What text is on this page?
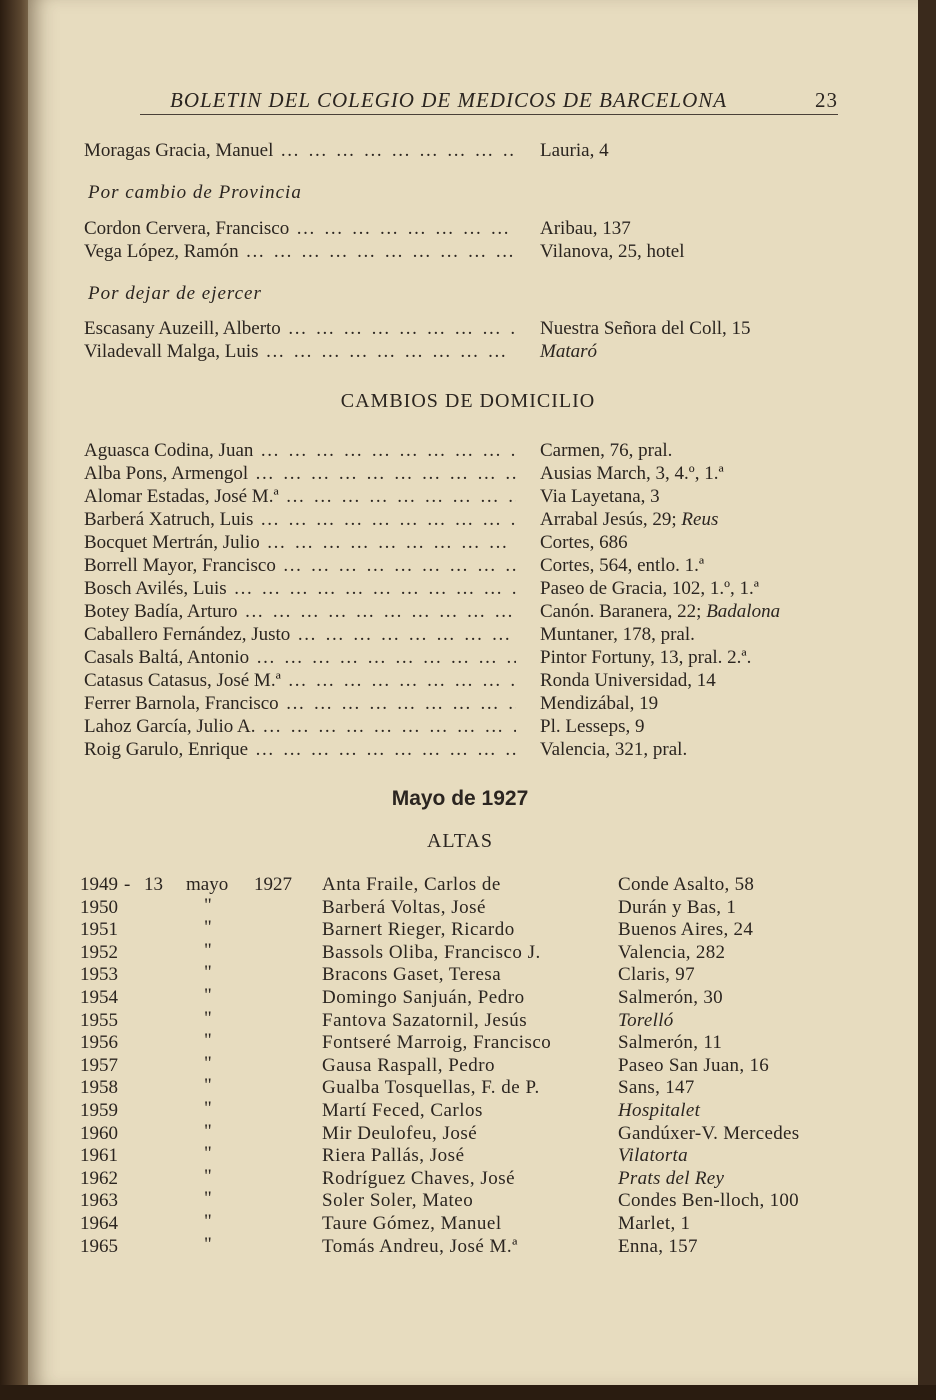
BOLETIN DEL COLEGIO DE MEDICOS DE BARCELONA	23
Moragas Gracia, Manuel … … … … … … … … … … … … … … … … … … … …	Lauria, 4
Por cambio de Provincia
Cordon Cervera, Francisco … … … … … … … … … … … … … … … … … … … …	Aribau, 137
Vega López, Ramón … … … … … … … … … … … … … … … … … … … …	Vilanova, 25, hotel
Por dejar de ejercer
Escasany Auzeill, Alberto … … … … … … … … … … … … … … … … … … … …	Nuestra Señora del Coll, 15
Viladevall Malga, Luis … … … … … … … … … … … … … … … … … … … …	Mataró
CAMBIOS DE DOMICILIO
Aguasca Codina, Juan … … … … … … … … … … … … … … … … … … … …	Carmen, 76, pral.
Alba Pons, Armengol … … … … … … … … … … … … … … … … … … … …	Ausias March, 3, 4.º, 1.ª
Alomar Estadas, José M.ª … … … … … … … … … … … … … … … … … … … …	Via Layetana, 3
Barberá Xatruch, Luis … … … … … … … … … … … … … … … … … … … …	Arrabal Jesús, 29; Reus
Bocquet Mertrán, Julio … … … … … … … … … … … … … … … … … … … …	Cortes, 686
Borrell Mayor, Francisco … … … … … … … … … … … … … … … … … … … …	Cortes, 564, entlo. 1.ª
Bosch Avilés, Luis … … … … … … … … … … … … … … … … … … … …	Paseo de Gracia, 102, 1.º, 1.ª
Botey Badía, Arturo … … … … … … … … … … … … … … … … … … … …	Canón. Baranera, 22; Badalona
Caballero Fernández, Justo … … … … … … … … … … … … … … … … … … … …	Muntaner, 178, pral.
Casals Baltá, Antonio … … … … … … … … … … … … … … … … … … … …	Pintor Fortuny, 13, pral. 2.ª.
Catasus Catasus, José M.ª … … … … … … … … … … … … … … … … … … … …	Ronda Universidad, 14
Ferrer Barnola, Francisco … … … … … … … … … … … … … … … … … … … …	Mendizábal, 19
Lahoz García, Julio A. … … … … … … … … … … … … … … … … … … … …	Pl. Lesseps, 9
Roig Garulo, Enrique … … … … … … … … … … … … … … … … … … … …	Valencia, 321, pral.
Mayo de 1927
ALTAS
1949 - 13 mayo 1927 Anta Fraile, Carlos de	Conde Asalto, 58
1950	"	Barberá Voltas, José	Durán y Bas, 1
1951	"	Barnert Rieger, Ricardo	Buenos Aires, 24
1952	"	Bassols Oliba, Francisco J.	Valencia, 282
1953	"	Bracons Gaset, Teresa	Claris, 97
1954	"	Domingo Sanjuán, Pedro	Salmerón, 30
1955	"	Fantova Sazatornil, Jesús	Torelló
1956	"	Fontseré Marroig, Francisco	Salmerón, 11
1957	"	Gausa Raspall, Pedro	Paseo San Juan, 16
1958	"	Gualba Tosquellas, F. de P.	Sans, 147
1959	"	Martí Feced, Carlos	Hospitalet
1960	"	Mir Deulofeu, José	Gandúxer-V. Mercedes
1961	"	Riera Pallás, José	Vilatorta
1962	"	Rodríguez Chaves, José	Prats del Rey
1963	"	Soler Soler, Mateo	Condes Ben-lloch, 100
1964	"	Taure Gómez, Manuel	Marlet, 1
1965	"	Tomás Andreu, José M.ª	Enna, 157
